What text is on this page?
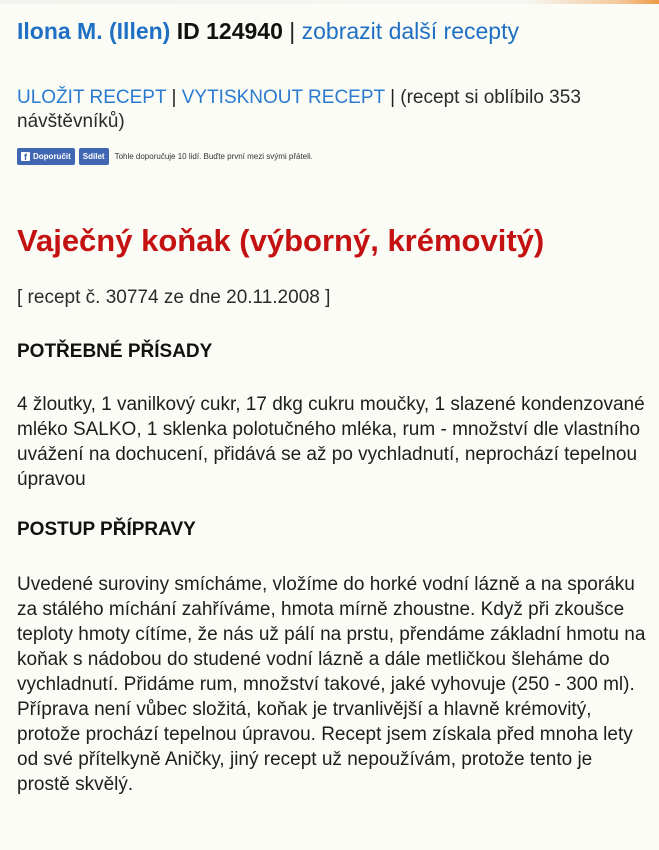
Ilona M. (Illen) ID 124940 | zobrazit další recepty
ULOŽIT RECEPT | VYTISKNOUT RECEPT | (recept si oblíbilo 353 návštěvníků)
f Doporučit Sdílet Tohle doporučuje 10 lidí. Buďte první mezi svými přáteli.
Vaječný koňak (výborný, krémovitý)
[ recept č. 30774 ze dne 20.11.2008 ]
POTŘEBNÉ PŘÍSADY
4 žloutky, 1 vanilkový cukr, 17 dkg cukru moučky, 1 slazené kondenzované mléko SALKO, 1 sklenka polotučného mléka, rum - množství dle vlastního uvážení na dochucení, přidává se až po vychladnutí, neprochází tepelnou úpravou
POSTUP PŘÍPRAVY
Uvedené suroviny smícháme, vložíme do horké vodní lázně a na sporáku za stálého míchání zahříváme, hmota mírně zhoustne. Když při zkoušce teploty hmoty cítíme, že nás už pálí na prstu, přendáme základní hmotu na koňak s nádobou do studené vodní lázně a dále metličkou šleháme do vychladnutí. Přidáme rum, množství takové, jaké vyhovuje (250 - 300 ml). Příprava není vůbec složitá, koňak je trvanlivější a hlavně krémovitý, protože prochází tepelnou úpravou. Recept jsem získala před mnoha lety od své přítelkyně Aničky, jiný recept už nepoužívám, protože tento je prostě skvělý.
